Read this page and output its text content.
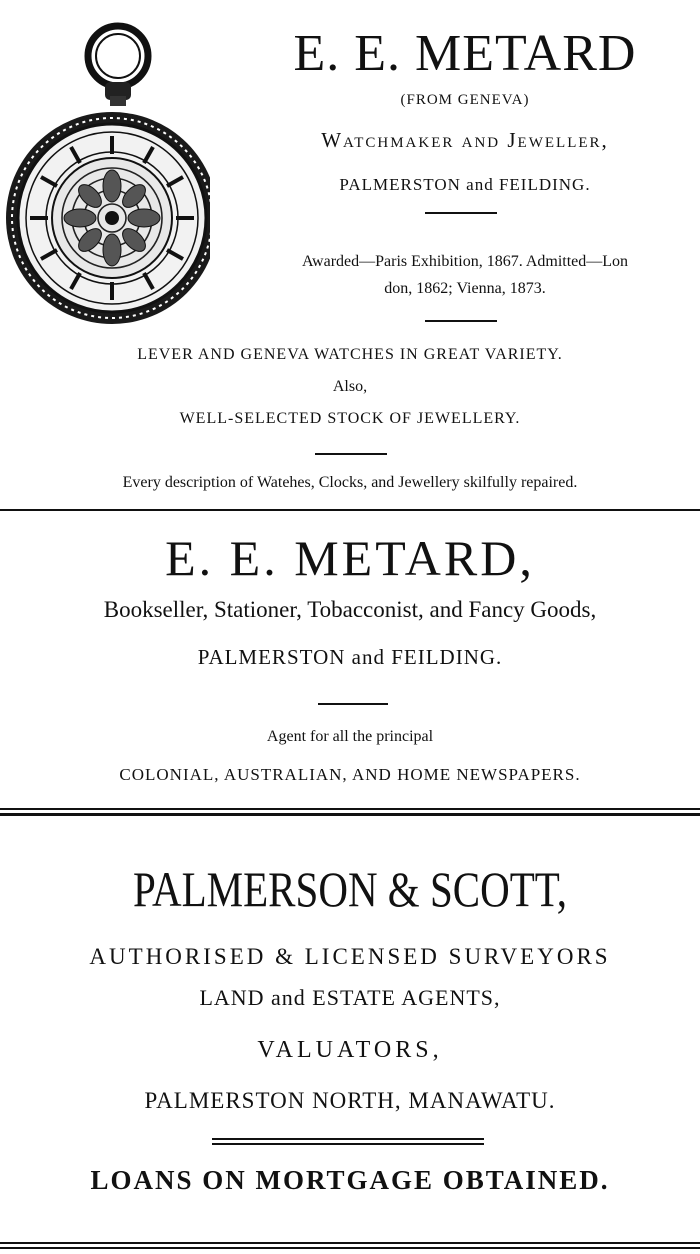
E. E. METARD
(FROM GENEVA)
Watchmaker and Jeweller,
PALMERSTON and FEILDING.
Awarded—Paris Exhibition, 1867. Admitted—Lon
don, 1862; Vienna, 1873.
LEVER AND GENEVA WATCHES IN GREAT VARIETY.
Also,
WELL-SELECTED STOCK OF JEWELLERY.
Every description of Watehes, Clocks, and Jewellery skilfully repaired.
E. E. METARD,
Bookseller, Stationer, Tobacconist, and Fancy Goods,
PALMERSTON and FEILDING.
Agent for all the principal
COLONIAL, AUSTRALIAN, AND HOME NEWSPAPERS.
PALMERSON & SCOTT,
AUTHORISED & LICENSED SURVEYORS
LAND and ESTATE AGENTS,
VALUATORS,
PALMERSTON NORTH, MANAWATU.
LOANS ON MORTGAGE OBTAINED.
